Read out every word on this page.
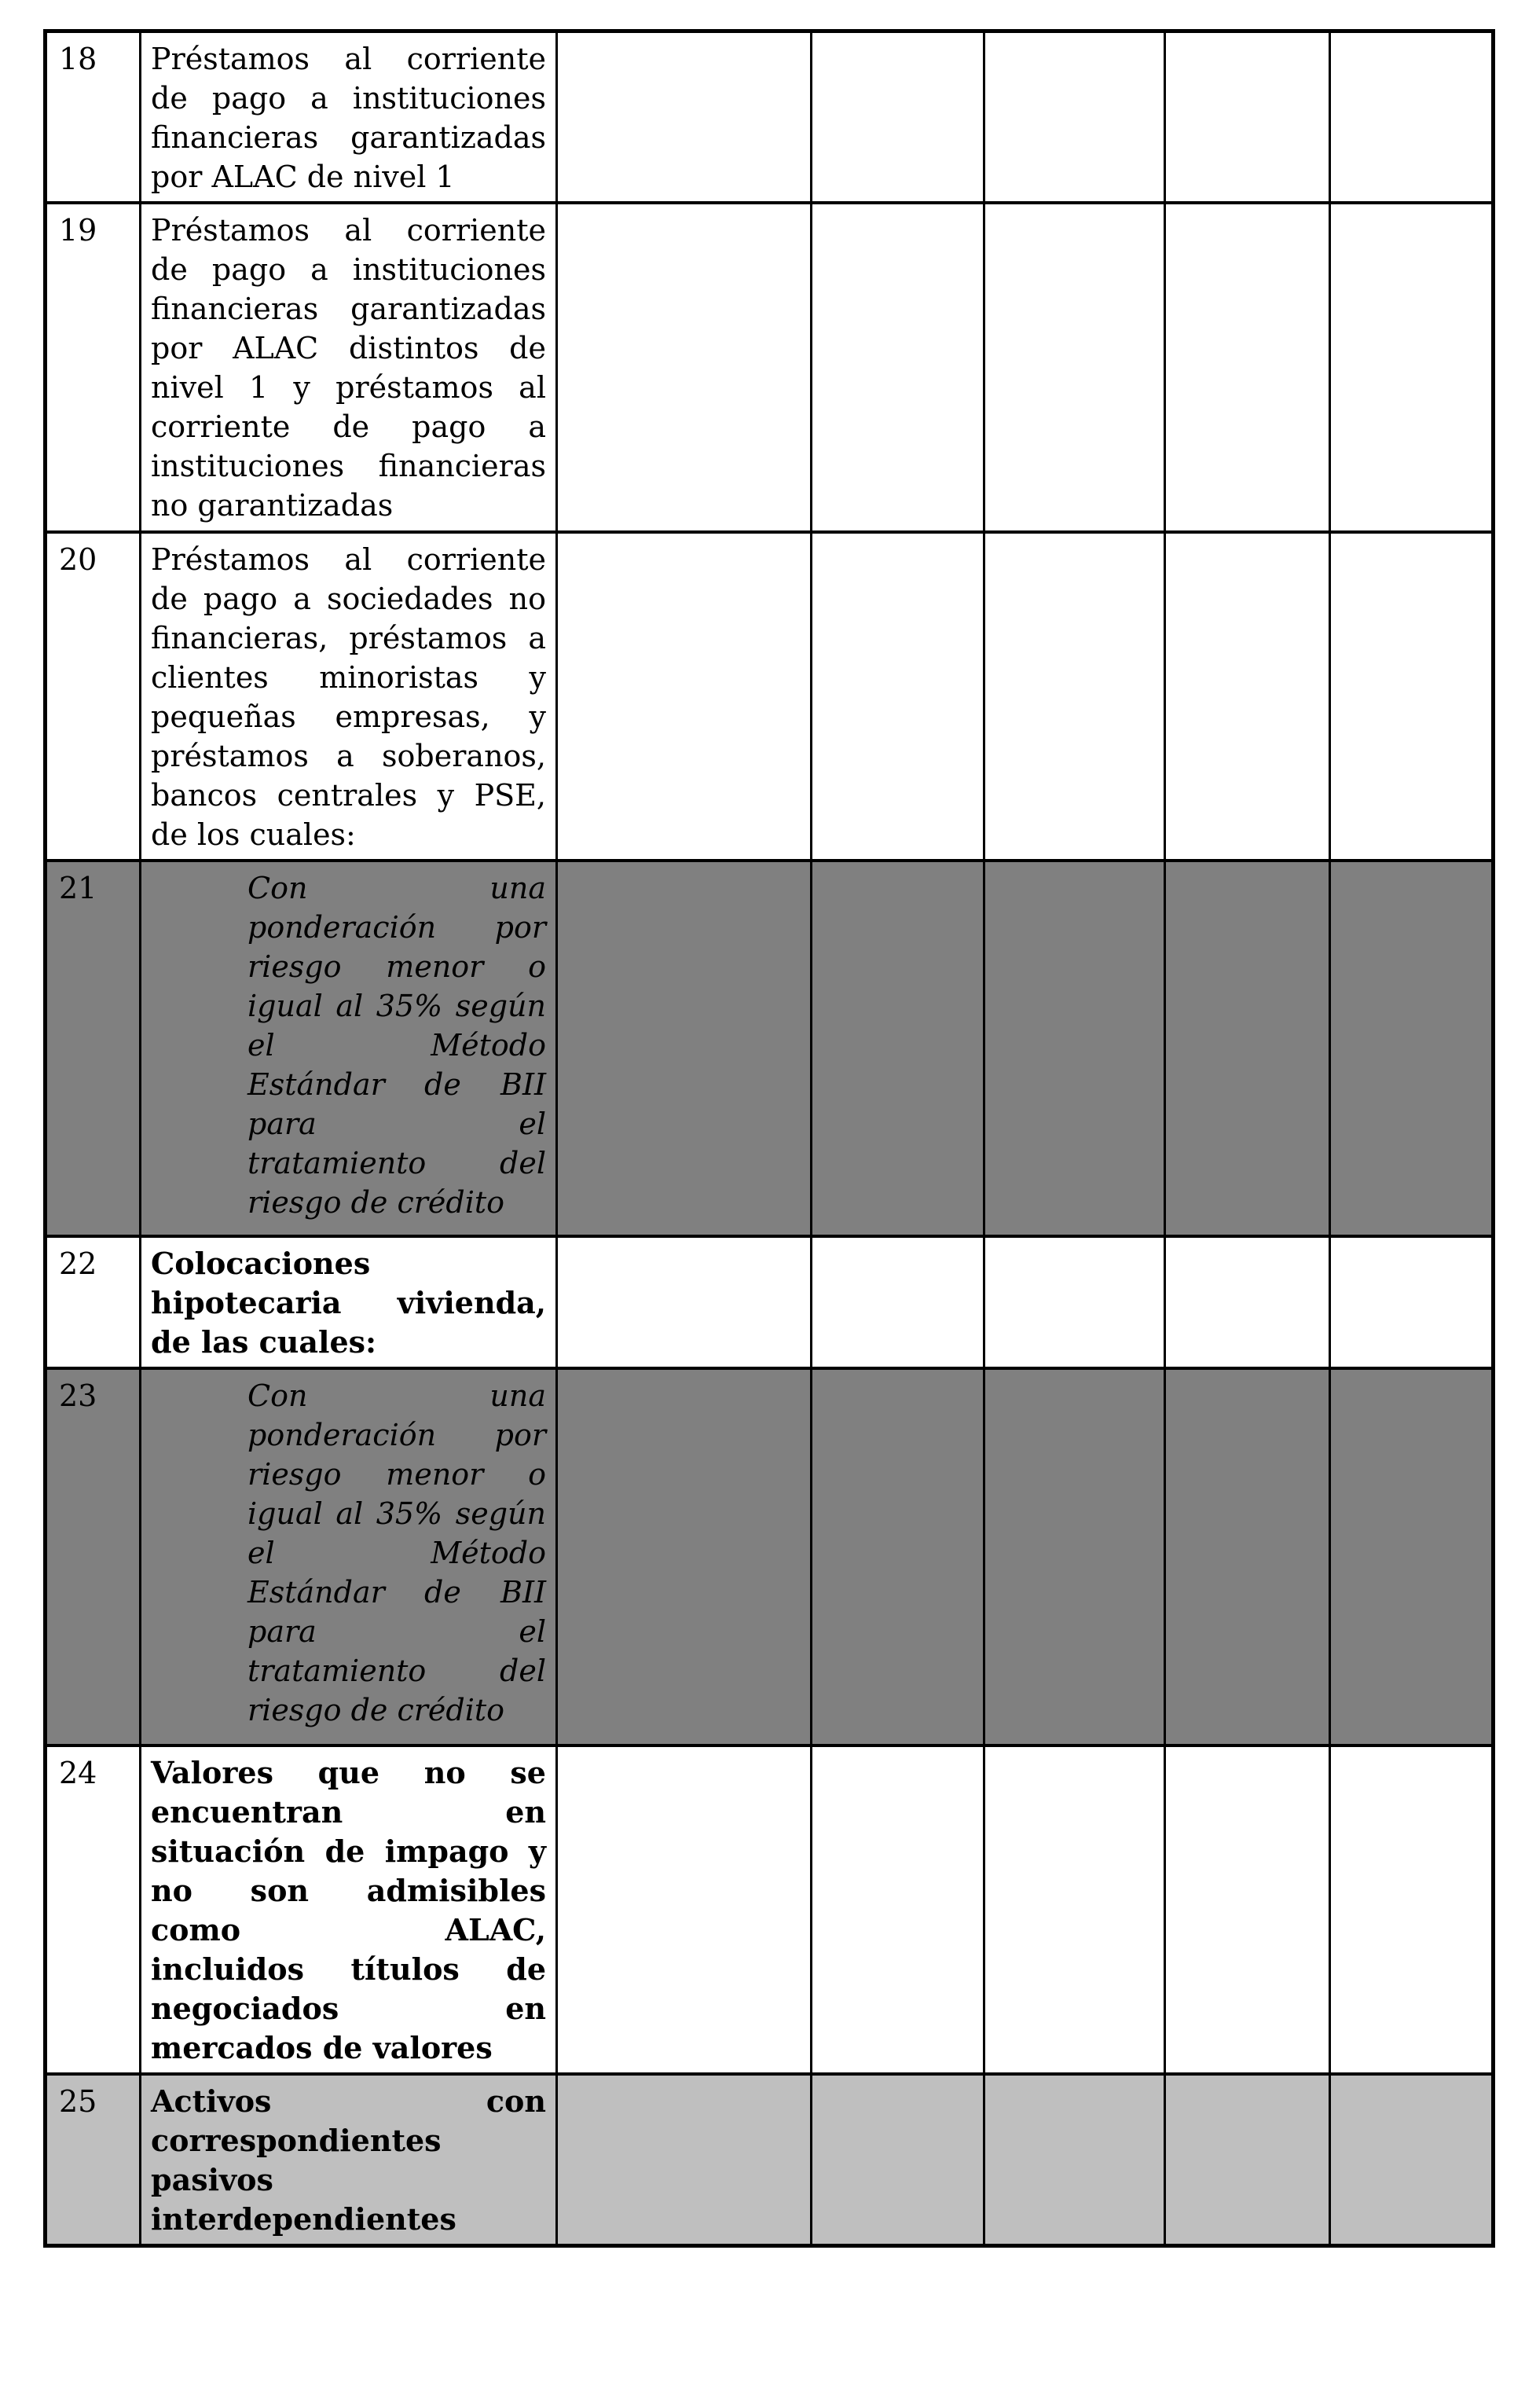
18	Préstamos al corriente
de pago a instituciones
financieras garantizadas
por ALAC de nivel 1					

19	Préstamos al corriente
de pago a instituciones
financieras garantizadas
por ALAC distintos de
nivel 1 y préstamos al
corriente de pago a
instituciones financieras
no garantizadas

20	Préstamos al corriente
de pago a sociedades no
financieras, préstamos a
clientes minoristas y
pequeñas empresas, y
préstamos a soberanos,
bancos centrales y PSE,
de los cuales:

21	Con una
ponderación por
riesgo menor o
igual al 35% según
el Método
Estándar de BII
para el
tratamiento del
riesgo de crédito

22	Colocaciones
hipotecaria vivienda,
de las cuales:					

23	Con una
ponderación por
riesgo menor o
igual al 35% según
el Método
Estándar de BII
para el
tratamiento del
riesgo de crédito

24	Valores que no se
encuentran en
situación de impago y
no son admisibles
como ALAC,
incluidos títulos de
negociados en
mercados de valores

25	Activos con
correspondientes
pasivos
interdependientes					
